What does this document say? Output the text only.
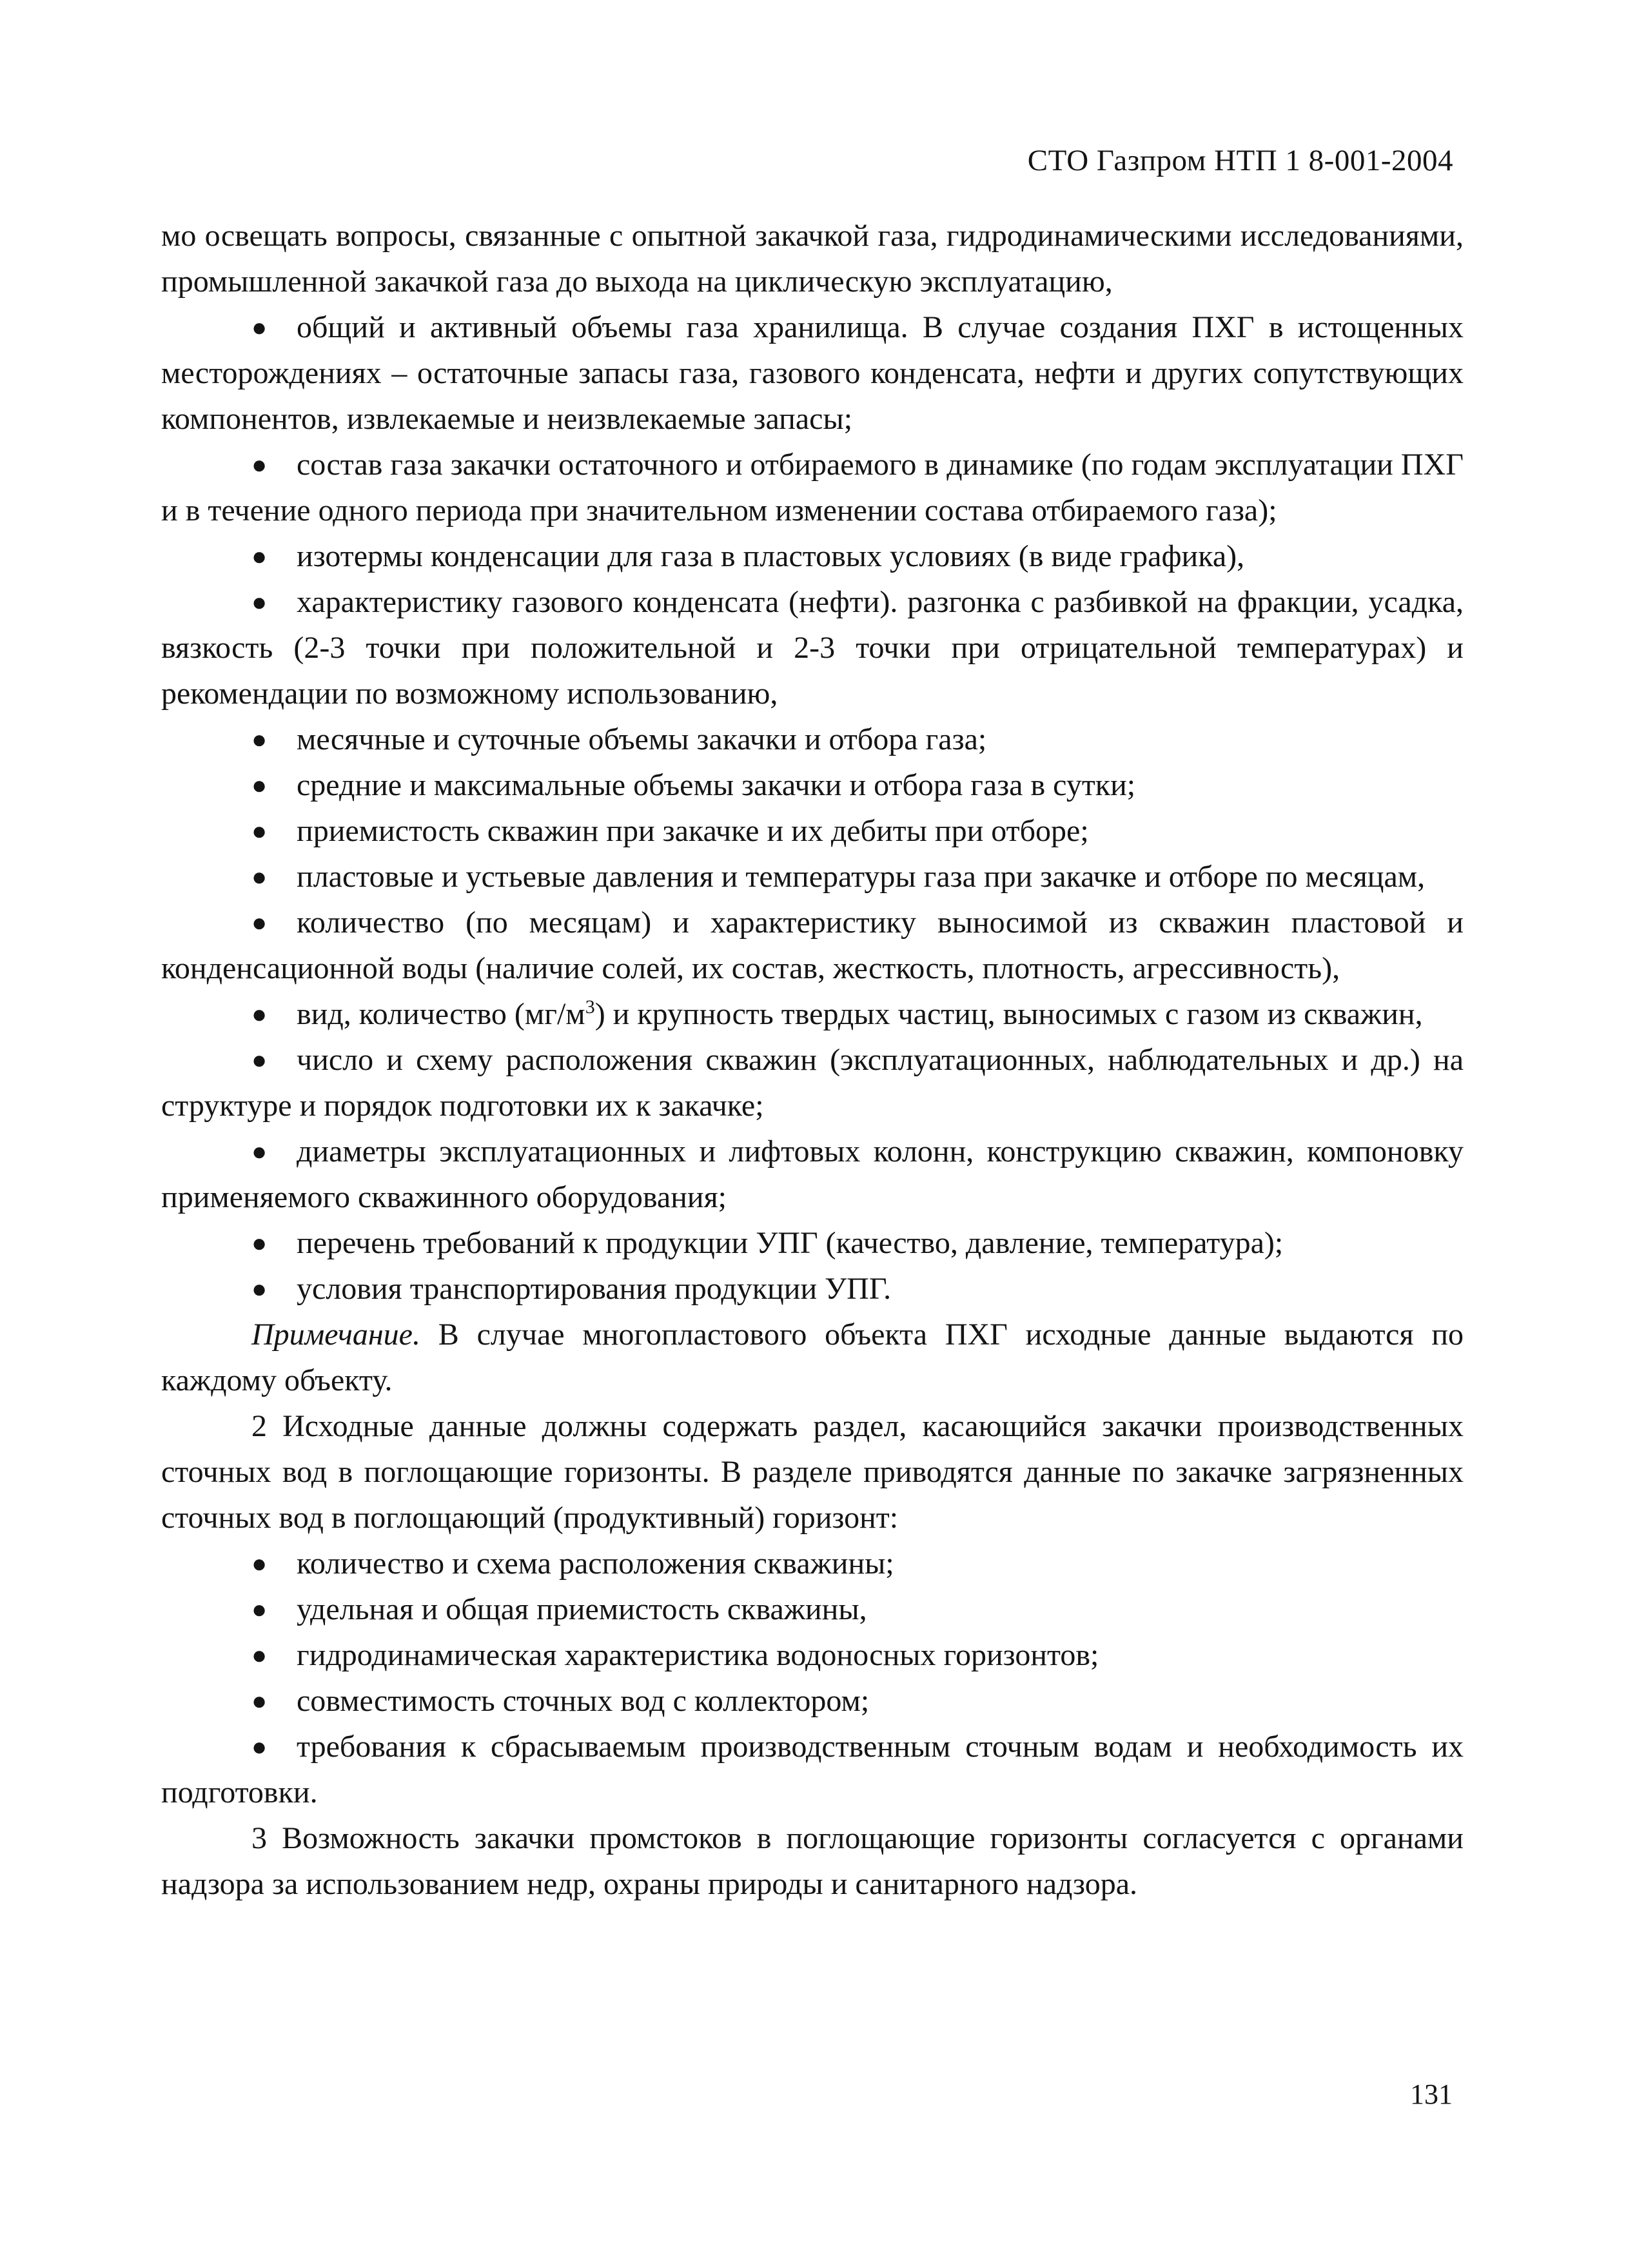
СТО Газпром НТП 1 8-001-2004

мо освещать вопросы, связанные с опытной закачкой газа, гидродинамическими исследованиями, промышленной закачкой газа до выхода на циклическую эксплуатацию,

● общий и активный объемы газа хранилища. В случае создания ПХГ в истощенных месторождениях – остаточные запасы газа, газового конденсата, нефти и других сопутствующих компонентов, извлекаемые и неизвлекаемые запасы;

● состав газа закачки остаточного и отбираемого в динамике (по годам эксплуатации ПХГ и в течение одного периода при значительном изменении состава отбираемого газа);

● изотермы конденсации для газа в пластовых условиях (в виде графика),

● характеристику газового конденсата (нефти). разгонка с разбивкой на фракции, усадка, вязкость (2-3 точки при положительной и 2-3 точки при отрицательной температурах) и рекомендации по возможному использованию,

● месячные и суточные объемы закачки и отбора газа;

● средние и максимальные объемы закачки и отбора газа в сутки;

● приемистость скважин при закачке и их дебиты при отборе;

● пластовые и устьевые давления и температуры газа при закачке и отборе по месяцам,

● количество (по месяцам) и характеристику выносимой из скважин пластовой и конденсационной воды (наличие солей, их состав, жесткость, плотность, агрессивность),

● вид, количество $(мг/м^3)$ и крупность твердых частиц, выносимых с газом из скважин,

● число и схему расположения скважин (эксплуатационных, наблюдательных и др.) на структуре и порядок подготовки их к закачке;

● диаметры эксплуатационных и лифтовых колонн, конструкцию скважин, компоновку применяемого скважинного оборудования;

● перечень требований к продукции УПГ (качество, давление, температура);

● условия транспортирования продукции УПГ.

Примечание. В случае многопластового объекта ПХГ исходные данные выдаются по каждому объекту.

2 Исходные данные должны содержать раздел, касающийся закачки производственных сточных вод в поглощающие горизонты. В разделе приводятся данные по закачке загрязненных сточных вод в поглощающий (продуктивный) горизонт:

● количество и схема расположения скважины;

● удельная и общая приемистость скважины,

● гидродинамическая характеристика водоносных горизонтов;

● совместимость сточных вод с коллектором;

● требования к сбрасываемым производственным сточным водам и необходимость их подготовки.

3 Возможность закачки промстоков в поглощающие горизонты согласуется с органами надзора за использованием недр, охраны природы и санитарного надзора.

131
